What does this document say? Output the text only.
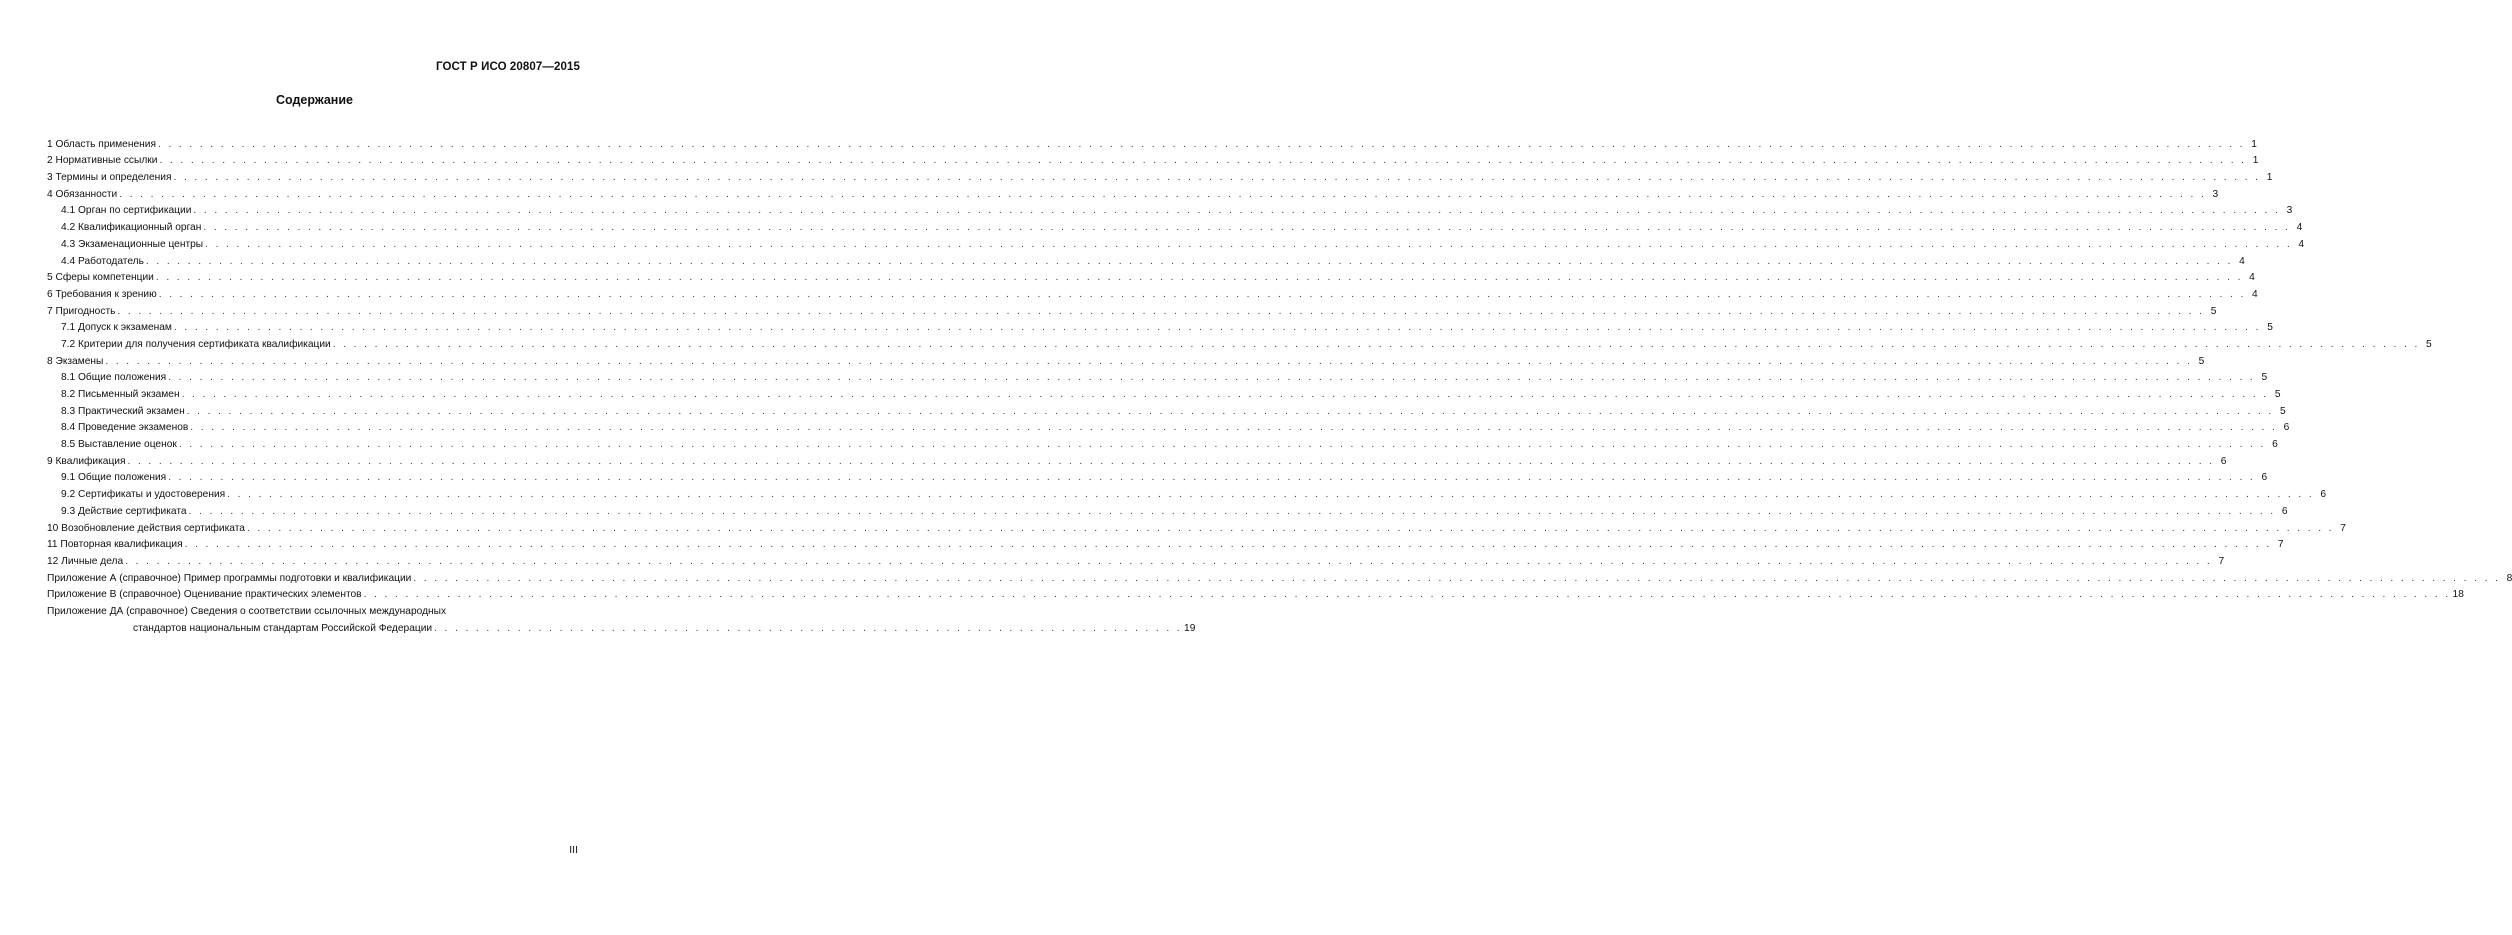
ГОСТ Р ИСО 20807—2015
Содержание
1 Область применения . . . . . . . . . . . . . . . . . . . . . . . . . . . . . . . . . . . . . . . . . . . . . . . . . . . . . . . . . . . . . . . . . . . . . . . . . . . . . . . . . . . . . . . . . . . . . . . . . . . . . . . . . . . . . . . . . . . . . . . . . . . . . . . . . . . . . . . . . . . . . . . . . . . . . . . . . . . . . . . . . . . . . . . . . . . . . . . . . . . . . . . . . . . . . . . . . . . . . . . . 1
2 Нормативные ссылки . . . . . . . . . . . . . . . . . . . . . . . . . . . . . . . . . . . . . . . . . . . . . . . . . . . . . . . . . . . . . . . . . . . . . . . . . . . . . . . . . . . . . . . . . . . . . . . . . . . . . . . . . . . . . . . . . . . . . . . . . . . . . . . . . . . . . . . . . . . . . . . . . . . . . . . . . . . . . . . . . . . . . . . . . . . . . . . . . . . . . . . . . . . . . . . . . . . . . . . . 1
3 Термины и определения . . . . . . . . . . . . . . . . . . . . . . . . . . . . . . . . . . . . . . . . . . . . . . . . . . . . . . . . . . . . . . . . . . . . . . . . . . . . . . . . . . . . . . . . . . . . . . . . . . . . . . . . . . . . . . . . . . . . . . . . . . . . . . . . . . . . . . . . . . . . . . . . . . . . . . . . . . . . . . . . . . . . . . . . . . . . . . . . . . . . . . . . . . . . . . . . . . . . . . . . 1
4 Обязанности . . . . . . . . . . . . . . . . . . . . . . . . . . . . . . . . . . . . . . . . . . . . . . . . . . . . . . . . . . . . . . . . . . . . . . . . . . . . . . . . . . . . . . . . . . . . . . . . . . . . . . . . . . . . . . . . . . . . . . . . . . . . . . . . . . . . . . . . . . . . . . . . . . . . . . . . . . . . . . . . . . . . . . . . . . . . . . . . . . . . . . . . . . . . . . . . . . . . . . . . 3
4.1 Орган по сертификации . . . . . . . . . . . . . . . . . . . . . . . . . . . . . . . . . . . . . . . . . . . . . . . . . . . . . . . . . . . . . . . . . . . . . . . . . . . . . . . . . . . . . . . . . . . . . . . . . . . . . . . . . . . . . . . . . . . . . . . . . . . . . . . . . . . . . . . . . . . . . . . . . . . . . . . . . . . . . . . . . . . . . . . . . . . . . . . . . . . . . . . . . . . . . . . . . . . . . . . . 3
4.2 Квалификационный орган . . . . . . . . . . . . . . . . . . . . . . . . . . . . . . . . . . . . . . . . . . . . . . . . . . . . . . . . . . . . . . . . . . . . . . . . . . . . . . . . . . . . . . . . . . . . . . . . . . . . . . . . . . . . . . . . . . . . . . . . . . . . . . . . . . . . . . . . . . . . . . . . . . . . . . . . . . . . . . . . . . . . . . . . . . . . . . . . . . . . . . . . . . . . . . . . . . . . . . . . 4
4.3 Экзаменационные центры . . . . . . . . . . . . . . . . . . . . . . . . . . . . . . . . . . . . . . . . . . . . . . . . . . . . . . . . . . . . . . . . . . . . . . . . . . . . . . . . . . . . . . . . . . . . . . . . . . . . . . . . . . . . . . . . . . . . . . . . . . . . . . . . . . . . . . . . . . . . . . . . . . . . . . . . . . . . . . . . . . . . . . . . . . . . . . . . . . . . . . . . . . . . . . . . . . . . . . . . 4
4.4 Работодатель . . . . . . . . . . . . . . . . . . . . . . . . . . . . . . . . . . . . . . . . . . . . . . . . . . . . . . . . . . . . . . . . . . . . . . . . . . . . . . . . . . . . . . . . . . . . . . . . . . . . . . . . . . . . . . . . . . . . . . . . . . . . . . . . . . . . . . . . . . . . . . . . . . . . . . . . . . . . . . . . . . . . . . . . . . . . . . . . . . . . . . . . . . . . . . . . . . . . . . . . 4
5 Сферы компетенции . . . . . . . . . . . . . . . . . . . . . . . . . . . . . . . . . . . . . . . . . . . . . . . . . . . . . . . . . . . . . . . . . . . . . . . . . . . . . . . . . . . . . . . . . . . . . . . . . . . . . . . . . . . . . . . . . . . . . . . . . . . . . . . . . . . . . . . . . . . . . . . . . . . . . . . . . . . . . . . . . . . . . . . . . . . . . . . . . . . . . . . . . . . . . . . . . . . . . . . . 4
6 Требования к зрению . . . . . . . . . . . . . . . . . . . . . . . . . . . . . . . . . . . . . . . . . . . . . . . . . . . . . . . . . . . . . . . . . . . . . . . . . . . . . . . . . . . . . . . . . . . . . . . . . . . . . . . . . . . . . . . . . . . . . . . . . . . . . . . . . . . . . . . . . . . . . . . . . . . . . . . . . . . . . . . . . . . . . . . . . . . . . . . . . . . . . . . . . . . . . . . . . . . . . . . . 4
7 Пригодность . . . . . . . . . . . . . . . . . . . . . . . . . . . . . . . . . . . . . . . . . . . . . . . . . . . . . . . . . . . . . . . . . . . . . . . . . . . . . . . . . . . . . . . . . . . . . . . . . . . . . . . . . . . . . . . . . . . . . . . . . . . . . . . . . . . . . . . . . . . . . . . . . . . . . . . . . . . . . . . . . . . . . . . . . . . . . . . . . . . . . . . . . . . . . . . . . . . . . . . . 5
7.1 Допуск к экзаменам . . . . . . . . . . . . . . . . . . . . . . . . . . . . . . . . . . . . . . . . . . . . . . . . . . . . . . . . . . . . . . . . . . . . . . . . . . . . . . . . . . . . . . . . . . . . . . . . . . . . . . . . . . . . . . . . . . . . . . . . . . . . . . . . . . . . . . . . . . . . . . . . . . . . . . . . . . . . . . . . . . . . . . . . . . . . . . . . . . . . . . . . . . . . . . . . . . . . . . . . 5
7.2 Критерии для получения сертификата квалификации . . . . . . . . . . . . . . . . . . . . . . . . . . . . . . . . . . . . . . . . . . . . . . . . . . . . . . . . . . . . . . . . . . . . . . . . . . . . . . . . . . . . . . . . . . . . . . . . . . . . . . . . . . . . . . . . . . . . . . . . . . . . . . . . . . . . . . . . . . . . . . . . . . . . . . . . . . . . . . . . . . . . . . . . . . . . . . . . . . . . . . . . . . . . . . . . . . . . . . . . 5
8 Экзамены . . . . . . . . . . . . . . . . . . . . . . . . . . . . . . . . . . . . . . . . . . . . . . . . . . . . . . . . . . . . . . . . . . . . . . . . . . . . . . . . . . . . . . . . . . . . . . . . . . . . . . . . . . . . . . . . . . . . . . . . . . . . . . . . . . . . . . . . . . . . . . . . . . . . . . . . . . . . . . . . . . . . . . . . . . . . . . . . . . . . . . . . . . . . . . . . . . . . . . . . 5
8.1 Общие положения . . . . . . . . . . . . . . . . . . . . . . . . . . . . . . . . . . . . . . . . . . . . . . . . . . . . . . . . . . . . . . . . . . . . . . . . . . . . . . . . . . . . . . . . . . . . . . . . . . . . . . . . . . . . . . . . . . . . . . . . . . . . . . . . . . . . . . . . . . . . . . . . . . . . . . . . . . . . . . . . . . . . . . . . . . . . . . . . . . . . . . . . . . . . . . . . . . . . . . . . 5
8.2 Письменный экзамен . . . . . . . . . . . . . . . . . . . . . . . . . . . . . . . . . . . . . . . . . . . . . . . . . . . . . . . . . . . . . . . . . . . . . . . . . . . . . . . . . . . . . . . . . . . . . . . . . . . . . . . . . . . . . . . . . . . . . . . . . . . . . . . . . . . . . . . . . . . . . . . . . . . . . . . . . . . . . . . . . . . . . . . . . . . . . . . . . . . . . . . . . . . . . . . . . . . . . . . . 5
8.3 Практический экзамен . . . . . . . . . . . . . . . . . . . . . . . . . . . . . . . . . . . . . . . . . . . . . . . . . . . . . . . . . . . . . . . . . . . . . . . . . . . . . . . . . . . . . . . . . . . . . . . . . . . . . . . . . . . . . . . . . . . . . . . . . . . . . . . . . . . . . . . . . . . . . . . . . . . . . . . . . . . . . . . . . . . . . . . . . . . . . . . . . . . . . . . . . . . . . . . . . . . . . . . . 5
8.4 Проведение экзаменов . . . . . . . . . . . . . . . . . . . . . . . . . . . . . . . . . . . . . . . . . . . . . . . . . . . . . . . . . . . . . . . . . . . . . . . . . . . . . . . . . . . . . . . . . . . . . . . . . . . . . . . . . . . . . . . . . . . . . . . . . . . . . . . . . . . . . . . . . . . . . . . . . . . . . . . . . . . . . . . . . . . . . . . . . . . . . . . . . . . . . . . . . . . . . . . . . . . . . . . . 6
8.5 Выставление оценок . . . . . . . . . . . . . . . . . . . . . . . . . . . . . . . . . . . . . . . . . . . . . . . . . . . . . . . . . . . . . . . . . . . . . . . . . . . . . . . . . . . . . . . . . . . . . . . . . . . . . . . . . . . . . . . . . . . . . . . . . . . . . . . . . . . . . . . . . . . . . . . . . . . . . . . . . . . . . . . . . . . . . . . . . . . . . . . . . . . . . . . . . . . . . . . . . . . . . . . . 6
9 Квалификация . . . . . . . . . . . . . . . . . . . . . . . . . . . . . . . . . . . . . . . . . . . . . . . . . . . . . . . . . . . . . . . . . . . . . . . . . . . . . . . . . . . . . . . . . . . . . . . . . . . . . . . . . . . . . . . . . . . . . . . . . . . . . . . . . . . . . . . . . . . . . . . . . . . . . . . . . . . . . . . . . . . . . . . . . . . . . . . . . . . . . . . . . . . . . . . . . . . . . . . . 6
9.1 Общие положения . . . . . . . . . . . . . . . . . . . . . . . . . . . . . . . . . . . . . . . . . . . . . . . . . . . . . . . . . . . . . . . . . . . . . . . . . . . . . . . . . . . . . . . . . . . . . . . . . . . . . . . . . . . . . . . . . . . . . . . . . . . . . . . . . . . . . . . . . . . . . . . . . . . . . . . . . . . . . . . . . . . . . . . . . . . . . . . . . . . . . . . . . . . . . . . . . . . . . . . . 6
9.2 Сертификаты и удостоверения . . . . . . . . . . . . . . . . . . . . . . . . . . . . . . . . . . . . . . . . . . . . . . . . . . . . . . . . . . . . . . . . . . . . . . . . . . . . . . . . . . . . . . . . . . . . . . . . . . . . . . . . . . . . . . . . . . . . . . . . . . . . . . . . . . . . . . . . . . . . . . . . . . . . . . . . . . . . . . . . . . . . . . . . . . . . . . . . . . . . . . . . . . . . . . . . . . . . . . . . 6
9.3 Действие сертификата . . . . . . . . . . . . . . . . . . . . . . . . . . . . . . . . . . . . . . . . . . . . . . . . . . . . . . . . . . . . . . . . . . . . . . . . . . . . . . . . . . . . . . . . . . . . . . . . . . . . . . . . . . . . . . . . . . . . . . . . . . . . . . . . . . . . . . . . . . . . . . . . . . . . . . . . . . . . . . . . . . . . . . . . . . . . . . . . . . . . . . . . . . . . . . . . . . . . . . . . 6
10 Возобновление действия сертификата . . . . . . . . . . . . . . . . . . . . . . . . . . . . . . . . . . . . . . . . . . . . . . . . . . . . . . . . . . . . . . . . . . . . . . . . . . . . . . . . . . . . . . . . . . . . . . . . . . . . . . . . . . . . . . . . . . . . . . . . . . . . . . . . . . . . . . . . . . . . . . . . . . . . . . . . . . . . . . . . . . . . . . . . . . . . . . . . . . . . . . . . . . . . . . . . . . . . . . . . 7
11 Повторная квалификация . . . . . . . . . . . . . . . . . . . . . . . . . . . . . . . . . . . . . . . . . . . . . . . . . . . . . . . . . . . . . . . . . . . . . . . . . . . . . . . . . . . . . . . . . . . . . . . . . . . . . . . . . . . . . . . . . . . . . . . . . . . . . . . . . . . . . . . . . . . . . . . . . . . . . . . . . . . . . . . . . . . . . . . . . . . . . . . . . . . . . . . . . . . . . . . . . . . . . . . . 7
12 Личные дела . . . . . . . . . . . . . . . . . . . . . . . . . . . . . . . . . . . . . . . . . . . . . . . . . . . . . . . . . . . . . . . . . . . . . . . . . . . . . . . . . . . . . . . . . . . . . . . . . . . . . . . . . . . . . . . . . . . . . . . . . . . . . . . . . . . . . . . . . . . . . . . . . . . . . . . . . . . . . . . . . . . . . . . . . . . . . . . . . . . . . . . . . . . . . . . . . . . . . . . . 7
Приложение А (справочное) Пример программы подготовки и квалификации . . . . . . . . . . . . . . . . . . . . . . . . . . . . . . . . . . . . . . . . . . . . . . . . . . . . . . . . . . . . . . . . . . . . . . . . . . . . . . . . . . . . . . . . . . . . . . . . . . . . . . . . . . . . . . . . . . . . . . . . . . . . . . . . . . . . . . . . . . . . . . . . . . . . . . . . . . . . . . . . . . . . . . . . . . . . . . . . . . . . . . . . . . . . . . . . . . . . . . . . 8
Приложение В (справочное) Оценивание практических элементов . . . . . . . . . . . . . . . . . . . . . . . . . . . . . . . . . . . . . . . . . . . . . . . . . . . . . . . . . . . . . . . . . . . . . . . . . . . . . . . . . . . . . . . . . . . . . . . . . . . . . . . . . . . . . . . . . . . . . . . . . . . . . . . . . . . . . . . . . . . . . . . . . . . . . . . . . . . . . . . . . . . . . . . . . . . . . . . . . . . . . . . . . . . . . . . . . . . . . . . . 18
Приложение ДА (справочное) Сведения о соответствии ссылочных международных
стандартов национальным стандартам Российской Федерации . . . . . . . . . . . . . . . . . . . . . . . . . . . . . . . . . . . . . . . . . . . . . . . . . . . . . . . . . . . . . . . . . . . . . . . . 19
III
